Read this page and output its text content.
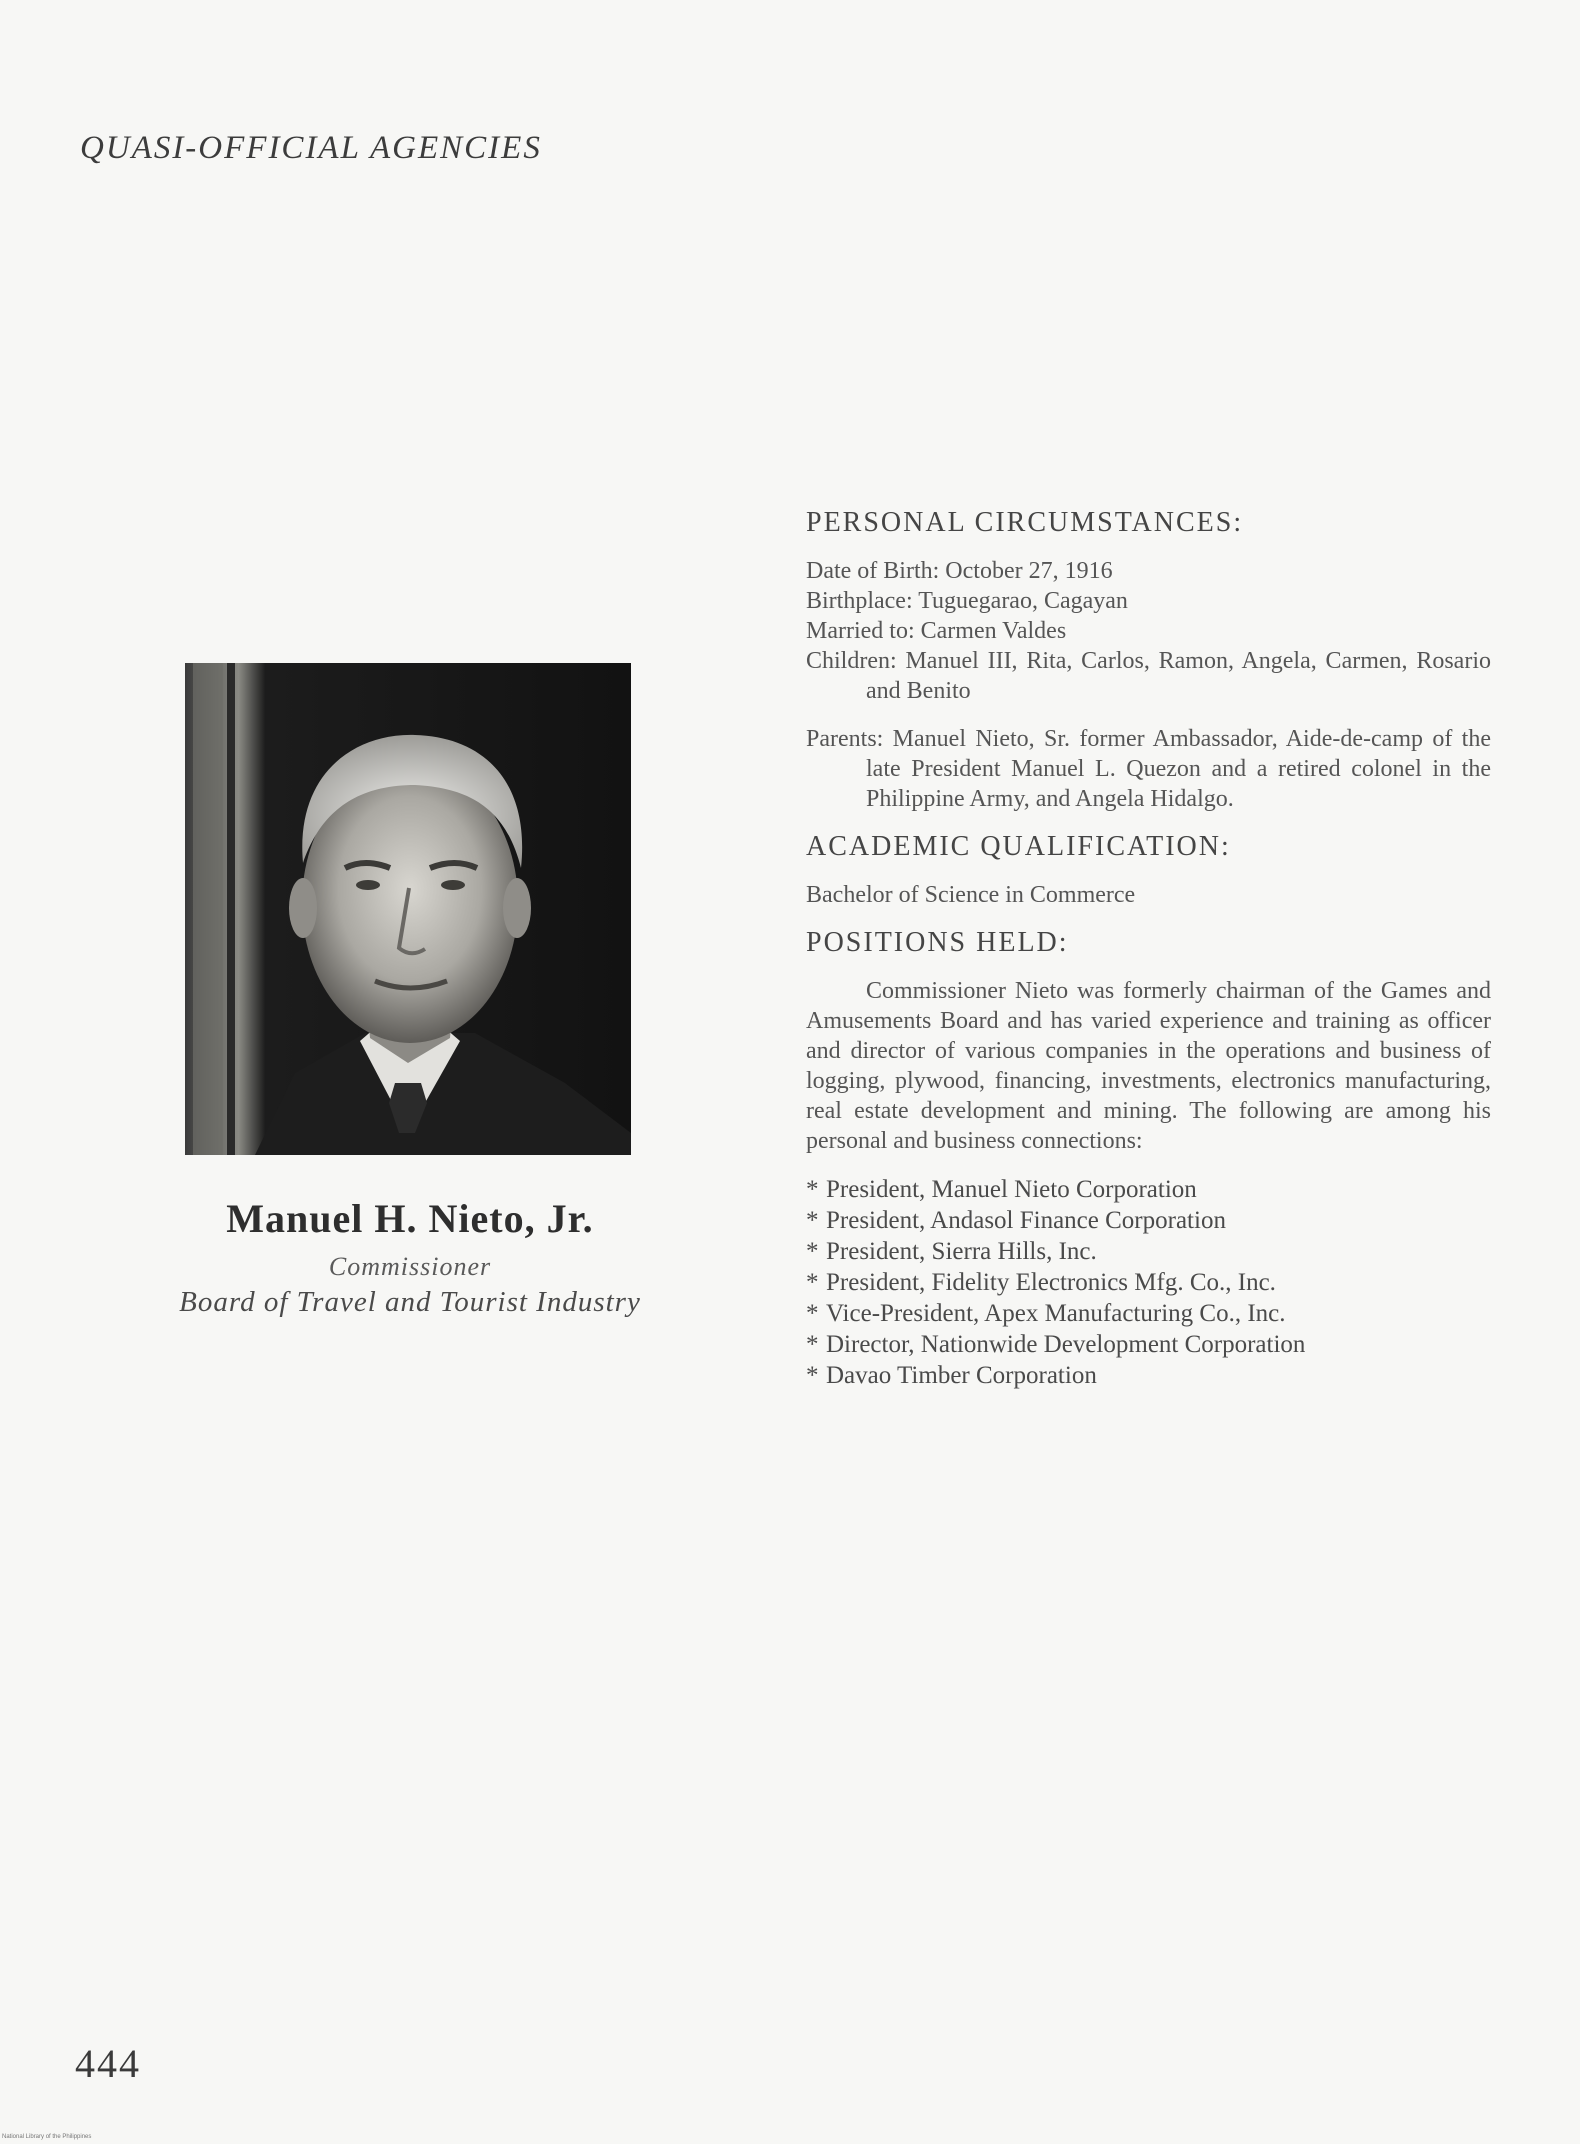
QUASI-OFFICIAL AGENCIES
Manuel H. Nieto, Jr.
Commissioner
Board of Travel and Tourist Industry
PERSONAL CIRCUMSTANCES:

Date of Birth: October 27, 1916

Birthplace: Tuguegarao, Cagayan

Married to: Carmen Valdes

Children: Manuel III, Rita, Carlos, Ramon, Angela, Carmen, Rosario and Benito

Parents: Manuel Nieto, Sr. former Ambassador, Aide-de-camp of the late President Manuel L. Quezon and a retired colonel in the Philippine Army, and Angela Hidalgo.

ACADEMIC QUALIFICATION:

Bachelor of Science in Commerce

POSITIONS HELD:

Commissioner Nieto was formerly chairman of the Games and Amusements Board and has varied experience and training as officer and director of various companies in the operations and business of logging, plywood, financing, investments, electronics manufacturing, real estate development and mining. The following are among his personal and business connections:

* President, Manuel Nieto Corporation
* President, Andasol Finance Corporation
* President, Sierra Hills, Inc.
* President, Fidelity Electronics Mfg. Co., Inc.
* Vice-President, Apex Manufacturing Co., Inc.
* Director, Nationwide Development Corporation
* Davao Timber Corporation
444
National Library of the Philippines
